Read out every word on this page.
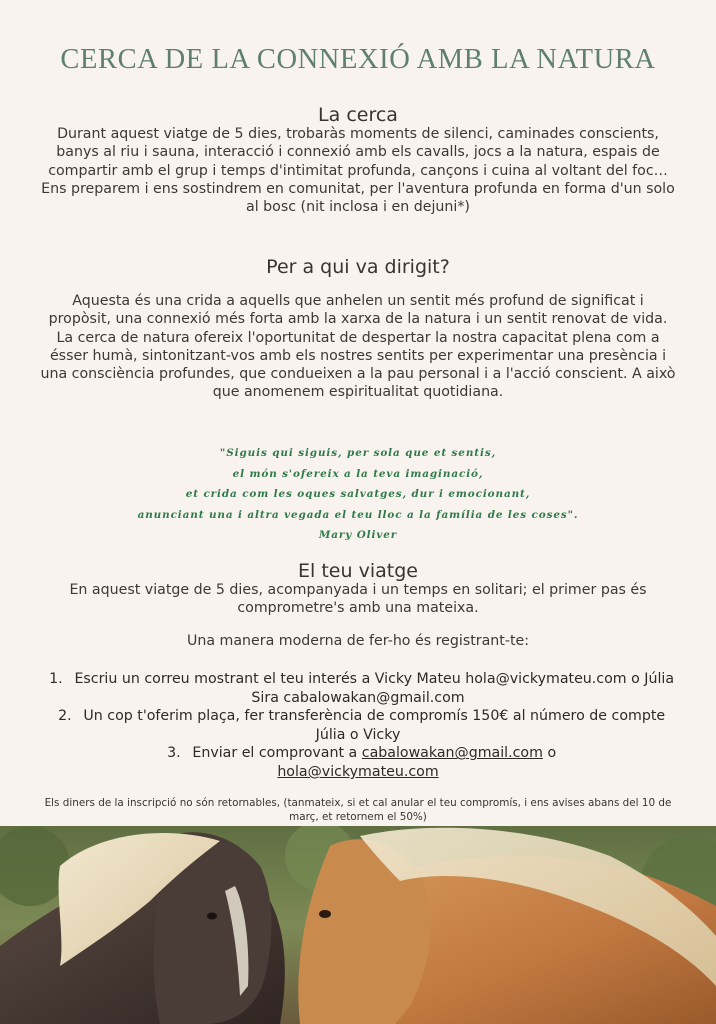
CERCA DE LA CONNEXIÓ AMB LA NATURA
La cerca

Durant aquest viatge de 5 dies, trobaràs moments de silenci, caminades conscients, banys al riu i sauna, interacció i connexió amb els cavalls, jocs a la natura, espais de compartir amb el grup i temps d'intimitat profunda, cançons i cuina al voltant del foc… Ens preparem i ens sostindrem en comunitat, per l'aventura profunda en forma d'un solo al bosc (nit inclosa i en dejuni*)

Per a qui va dirigit?

Aquesta és una crida a aquells que anhelen un sentit més profund de significat i propòsit, una connexió més forta amb la xarxa de la natura i un sentit renovat de vida. La cerca de natura ofereix l'oportunitat de despertar la nostra capacitat plena com a ésser humà, sintonitzant-vos amb els nostres sentits per experimentar una presència i una consciència profundes, que condueixen a la pau personal i a l'acció conscient. A això que anomenem espiritualitat quotidiana.

"Siguis qui siguis, per sola que et sentis,
el món s'ofereix a la teva imaginació,
et crida com les oques salvatges, dur i emocionant,
anunciant una i altra vegada el teu lloc a la família de les coses".
Mary Oliver
El teu viatge

En aquest viatge de 5 dies, acompanyada i un temps en solitari; el primer pas és comprometre's amb una mateixa.

Una manera moderna de fer-ho és registrant-te:

1. Escriu un correu mostrant el teu interés a Vicky Mateu hola@vickymateu.com o Júlia Sira cabalowakan@gmail.com
2. Un cop t'oferim plaça, fer transferència de compromís 150€ al número de compte Júlia o Vicky
3. Enviar el comprovant a cabalowakan@gmail.com o
hola@vickymateu.com

Els diners de la inscripció no són retornables, (tanmateix, si et cal anular el teu compromís, i ens avises abans del 10 de març, et retornem el 50%)
